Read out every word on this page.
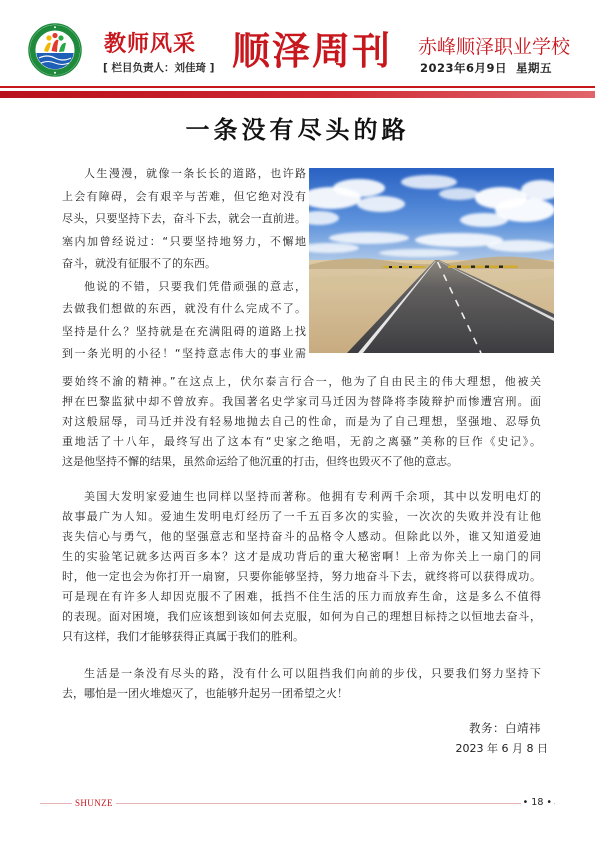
教师风采
[ 栏目负责人：刘佳琦 ] 顺泽周刊 赤峰顺泽职业学校
2023年6月9日  星期五
一条没有尽头的路
人生漫漫，就像一条长长的道路，也许路
上会有障碍，会有艰辛与苦难，但它绝对没有
尽头，只要坚持下去，奋斗下去，就会一直前进。
塞内加曾经说过：“只要坚持地努力，不懈地
奋斗，就没有征服不了的东西。
他说的不错，只要我们凭借顽强的意志，
去做我们想做的东西，就没有什么完成不了。
坚持是什么？坚持就是在充满阻碍的道路上找
到一条光明的小径！“坚持意志伟大的事业需
要始终不渝的精神。”在这点上，伏尔泰言行合一，他为了自由民主的伟大理想，他被关
押在巴黎监狱中却不曾放弃。我国著名史学家司马迁因为替降将李陵辩护而惨遭宫刑。面
对这般屈辱，司马迁并没有轻易地抛去自己的性命，而是为了自己理想，坚强地、忍辱负
重地活了十八年，最终写出了这本有“史家之绝唱，无韵之离骚”美称的巨作《史记》。
这是他坚持不懈的结果，虽然命运给了他沉重的打击，但终也毁灭不了他的意志。
美国大发明家爱迪生也同样以坚持而著称。他拥有专利两千余项，其中以发明电灯的
故事最广为人知。爱迪生发明电灯经历了一千五百多次的实验，一次次的失败并没有让他
丧失信心与勇气，他的坚强意志和坚持奋斗的品格令人感动。但除此以外，谁又知道爱迪
生的实验笔记就多达两百多本？这才是成功背后的重大秘密啊！上帝为你关上一扇门的同
时，他一定也会为你打开一扇窗，只要你能够坚持，努力地奋斗下去，就终将可以获得成功。
可是现在有许多人却因克服不了困难，抵挡不住生活的压力而放弃生命，这是多么不值得
的表现。面对困境，我们应该想到该如何去克服，如何为自己的理想目标持之以恒地去奋斗，
只有这样，我们才能够获得正真属于我们的胜利。
生活是一条没有尽头的路，没有什么可以阻挡我们向前的步伐，只要我们努力坚持下
去，哪怕是一团火堆熄灭了，也能够升起另一团希望之火！
教务：白靖祎
2023 年 6 月 8 日
SHUNZE	• 18 •
